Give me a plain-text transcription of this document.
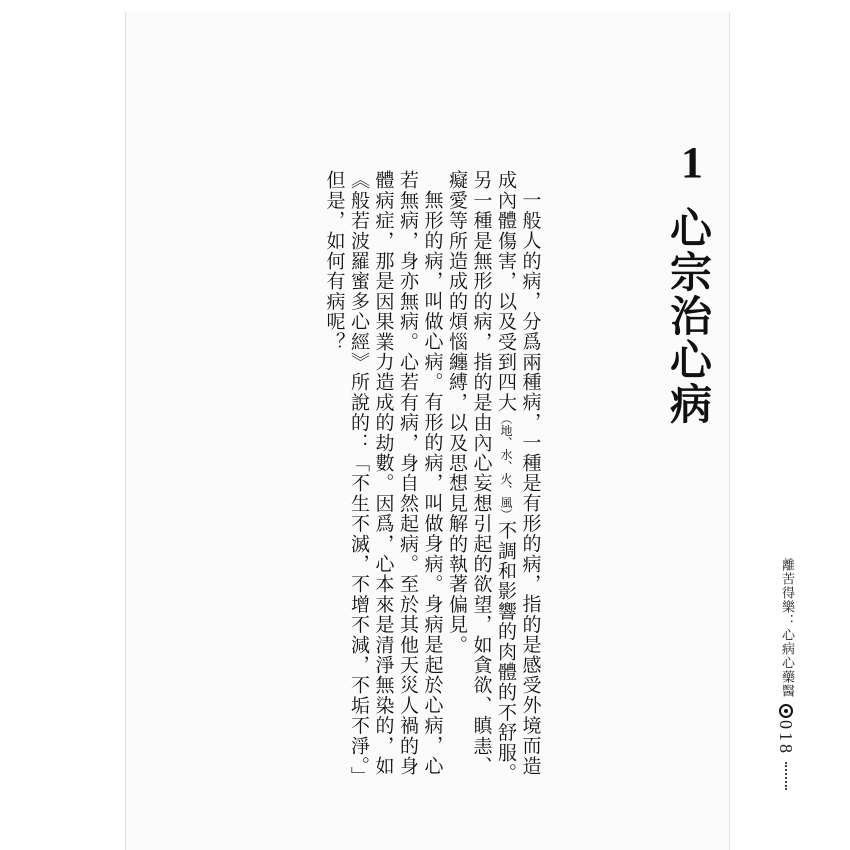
1
心宗治心病

一般人的病，分爲兩種病，一種是有形的病，指的是感受外境而造成內體傷害，以及受到四大（地、水、火、風）不調和影響的肉體的不舒服。另一種是無形的病，指的是由內心妄想引起的欲望，如貪欲、瞋恚、癡愛等所造成的煩惱纏縛，以及思想見解的執著偏見。

無形的病，叫做心病。有形的病，叫做身病。身病是起於心病，心若無病，身亦無病。心若有病，身自然起病。至於其他天災人禍的身體病症，那是因果業力造成的劫數。因爲，心本來是清淨無染的，如《般若波羅蜜多心經》所說的：「不生不滅，不增不減，不垢不淨。」但是，如何有病呢？

離苦得樂：心病心藥醫
018
